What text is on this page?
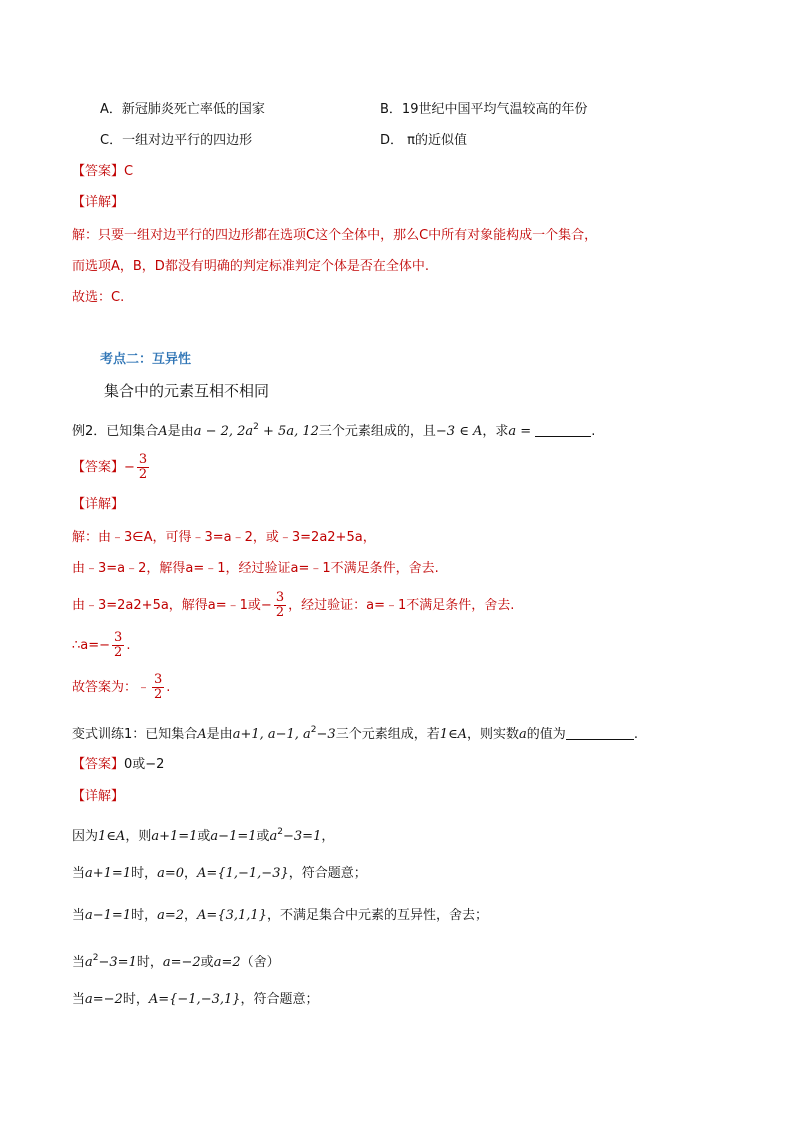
A．新冠肺炎死亡率低的国家	B．19世纪中国平均气温较高的年份
C．一组对边平行的四边形	D． π的近似值
【答案】C
【详解】
解：只要一组对边平行的四边形都在选项C这个全体中，那么C中所有对象能构成一个集合，
而选项A，B，D都没有明确的判定标准判定个体是否在全体中.
故选：C.
考点二：互异性
集合中的元素互相不相同
例2．已知集合A是由a − 2, $2a^2 + 5a$, 12三个元素组成的，且−3 ∈ A，求a =	.
【答案】− $\frac{3}{2}$
【详解】
解：由﹣3∈A，可得﹣3=a﹣2，或﹣3=2a2+5a，
由﹣3=a﹣2，解得a=﹣1，经过验证a=﹣1不满足条件，舍去.
由﹣3=2a2+5a，解得a=﹣1或− $\frac{3}{2}$ ，经过验证：a=﹣1不满足条件，舍去.
∴a=− $\frac{3}{2}$ .
故答案为：﹣ $\frac{3}{2}$ .
变式训练1：已知集合A是由a+1, a−1, $a^2-3$三个元素组成，若1∈A，则实数a的值为	.
【答案】0或−2
【详解】
因为1∈A，则a+1=1或a−1=1或$a^2-3=1$，
当a+1=1时，a=0，A={1,−1,−3}，符合题意；
当a−1=1时，a=2，A={3,1,1}，不满足集合中元素的互异性，舍去；
当$a^2-3=1$时，a=−2或a=2（舍）
当a=−2时，A={−1,−3,1}，符合题意；
